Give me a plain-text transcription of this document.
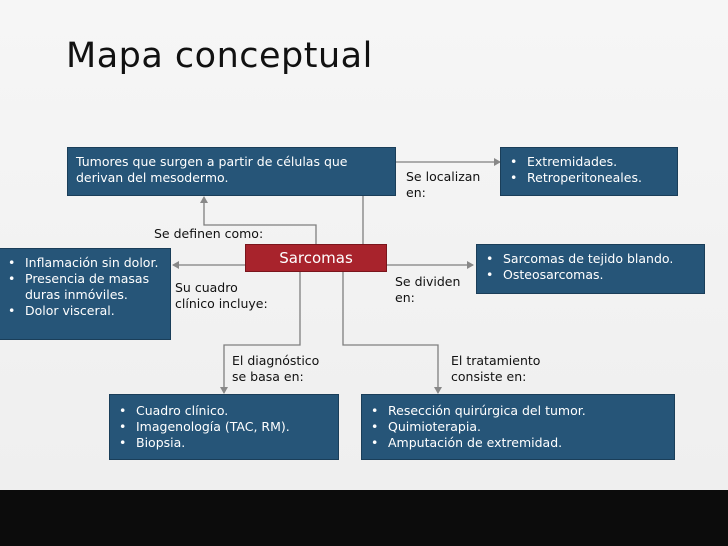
Mapa conceptual
Tumores que surgen a partir de células que
derivan del mesodermo.
• Extremidades.
• Retroperitoneales.
• Inflamación sin dolor.
• Presencia de masas duras inmóviles.
• Dolor visceral.
• Sarcomas de tejido blando.
• Osteosarcomas.
• Cuadro clínico.
• Imagenología (TAC, RM).
• Biopsia.
• Resección quirúrgica del tumor.
• Quimioterapia.
• Amputación de extremidad.
Sarcomas
Se localizan
en:
Se definen como:
Su cuadro
clínico incluye:
Se dividen
en:
El diagnóstico
se basa en:
El tratamiento
consiste en:
